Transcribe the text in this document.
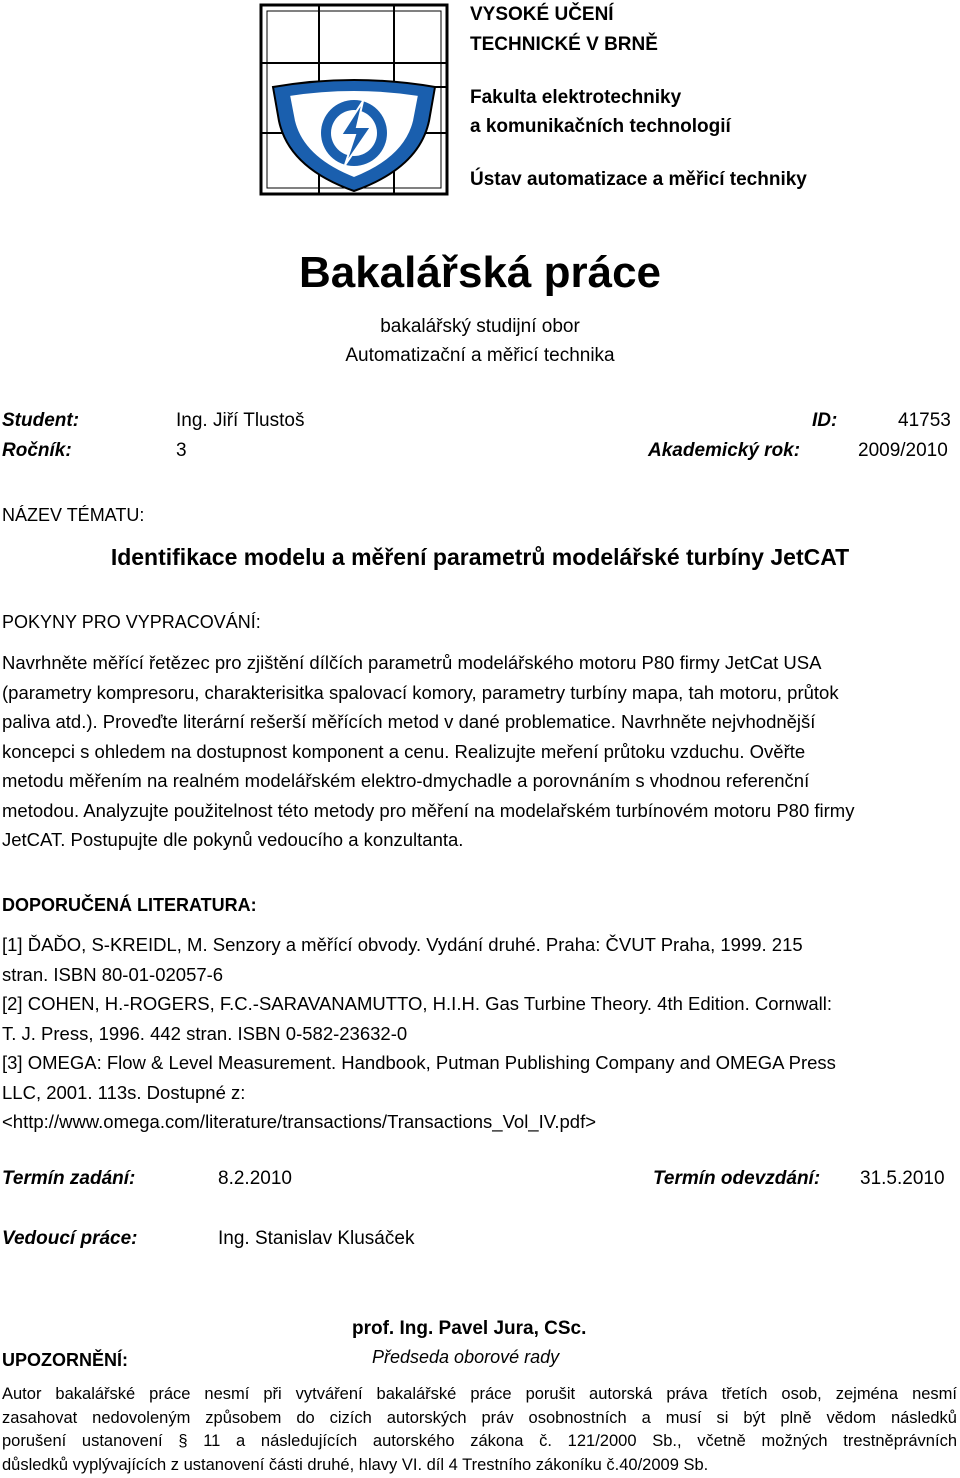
VYSOKÉ UČENÍ
TECHNICKÉ V BRNĚ
Fakulta elektrotechniky
a komunikačních technologií
Ústav automatizace a měřicí techniky
Bakalářská práce
bakalářský studijní obor
Automatizační a měřicí technika
Student:	Ing. Jiří Tlustoš	ID:	41753
Ročník:	3	Akademický rok:	2009/2010
NÁZEV TÉMATU:
Identifikace modelu a měření parametrů modelářské turbíny JetCAT
POKYNY PRO VYPRACOVÁNÍ:
Navrhněte měřící řetězec pro zjištění dílčích parametrů modelářského motoru P80 firmy JetCat USA
(parametry kompresoru, charakterisitka spalovací komory, parametry turbíny mapa, tah motoru, průtok
paliva atd.). Proveďte literární rešerší měřících metod v dané problematice. Navrhněte nejvhodnější
koncepci s ohledem na dostupnost komponent a cenu. Realizujte meření průtoku vzduchu. Ověřte
metodu měřením na realném modelářském elektro-dmychadle a porovnáním s vhodnou referenční
metodou. Analyzujte použitelnost této metody pro měření na modelařském turbínovém motoru P80 firmy
JetCAT. Postupujte dle pokynů vedoucího a konzultanta.
DOPORUČENÁ LITERATURA:
[1] ĎAĎO, S-KREIDL, M. Senzory a měřící obvody. Vydání druhé. Praha: ČVUT Praha, 1999. 215
stran. ISBN 80-01-02057-6
[2] COHEN, H.-ROGERS, F.C.-SARAVANAMUTTO, H.I.H. Gas Turbine Theory. 4th Edition. Cornwall:
T. J. Press, 1996. 442 stran. ISBN 0-582-23632-0
[3] OMEGA: Flow & Level Measurement. Handbook, Putman Publishing Company and OMEGA Press
LLC, 2001. 113s. Dostupné z:
<http://www.omega.com/literature/transactions/Transactions_Vol_IV.pdf>
Termín zadání:	8.2.2010	Termín odevzdání: 31.5.2010
Vedoucí práce:	Ing. Stanislav Klusáček
prof. Ing. Pavel Jura, CSc.
Předseda oborové rady
UPOZORNĚNÍ:
Autor bakalářské práce nesmí při vytváření bakalářské práce porušit autorská práva třetích osob, zejména nesmí
zasahovat nedovoleným způsobem do cizích autorských práv osobnostních a musí si být plně vědom následků
porušení ustanovení § 11 a následujících autorského zákona č. 121/2000 Sb., včetně možných trestněprávních
důsledků vyplývajících z ustanovení části druhé, hlavy VI. díl 4 Trestního zákoníku č.40/2009 Sb.
